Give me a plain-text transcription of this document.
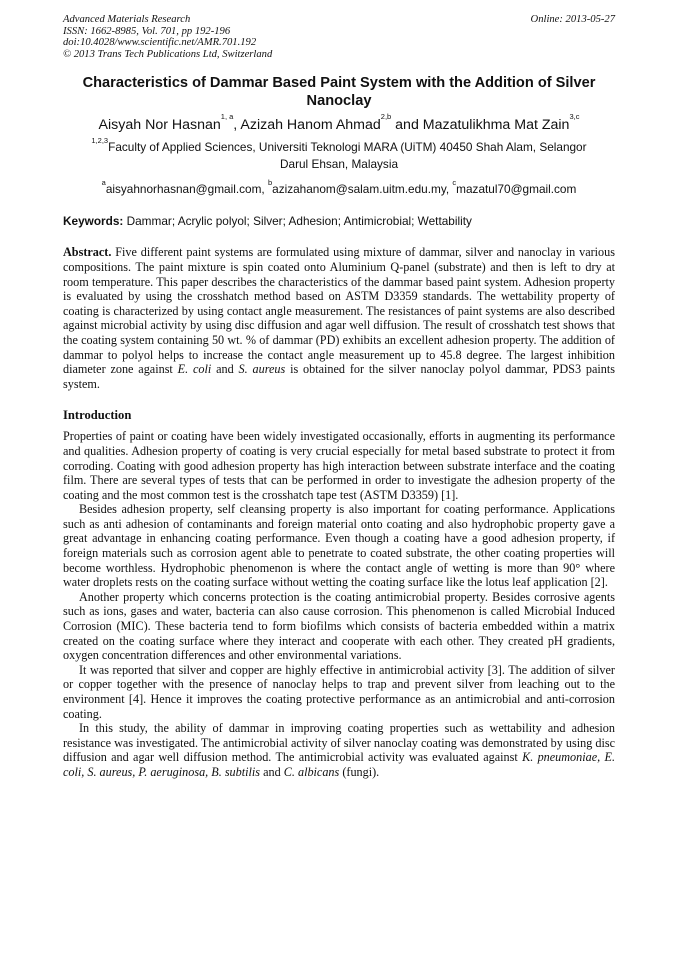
Advanced Materials Research
ISSN: 1662-8985, Vol. 701, pp 192-196
doi:10.4028/www.scientific.net/AMR.701.192
© 2013 Trans Tech Publications Ltd, Switzerland
Online: 2013-05-27
Characteristics of Dammar Based Paint System with the Addition of Silver Nanoclay
Aisyah Nor Hasnan$^{1, a}$, Azizah Hanom Ahmad$^{2,b}$ and Mazatulikhma Mat Zain$^{3,c}$
$^{1,2,3}$Faculty of Applied Sciences, Universiti Teknologi MARA (UiTM) 40450 Shah Alam, Selangor
Darul Ehsan, Malaysia
$^a$aisyahnorhasnan@gmail.com, $^b$azizahanom@salam.uitm.edu.my, $^c$mazatul70@gmail.com
Keywords: Dammar; Acrylic polyol; Silver; Adhesion; Antimicrobial; Wettability

Abstract. Five different paint systems are formulated using mixture of dammar, silver and nanoclay in various compositions. The paint mixture is spin coated onto Aluminium Q-panel (substrate) and then is left to dry at room temperature. This paper describes the characteristics of the dammar based paint system. Adhesion property is evaluated by using the crosshatch method based on ASTM D3359 standards. The wettability property of coating is characterized by using contact angle measurement. The resistances of paint systems are also described against microbial activity by using disc diffusion and agar well diffusion. The result of crosshatch test shows that the coating system containing 50 wt. % of dammar (PD) exhibits an excellent adhesion property. The addition of dammar to polyol helps to increase the contact angle measurement up to 45.8 degree. The largest inhibition diameter zone against E. coli and S. aureus is obtained for the silver nanoclay polyol dammar, PDS3 paints system.

Introduction

Properties of paint or coating have been widely investigated occasionally, efforts in augmenting its performance and qualities. Adhesion property of coating is very crucial especially for metal based substrate to protect it from corroding. Coating with good adhesion property has high interaction between substrate interface and the coating film. There are several types of tests that can be performed in order to investigate the adhesion property of the coating and the most common test is the crosshatch tape test (ASTM D3359) [1].

Besides adhesion property, self cleansing property is also important for coating performance. Applications such as anti adhesion of contaminants and foreign material onto coating and also hydrophobic property gave a great advantage in enhancing coating performance. Even though a coating have a good adhesion property, if foreign materials such as corrosion agent able to penetrate to coated substrate, the other coating properties will become worthless. Hydrophobic phenomenon is where the contact angle of wetting is more than 90° where water droplets rests on the coating surface without wetting the coating surface like the lotus leaf application [2].

Another property which concerns protection is the coating antimicrobial property. Besides corrosive agents such as ions, gases and water, bacteria can also cause corrosion. This phenomenon is called Microbial Induced Corrosion (MIC). These bacteria tend to form biofilms which consists of bacteria embedded within a matrix created on the coating surface where they interact and cooperate with each other. They created pH gradients, oxygen concentration differences and other environmental variations.

It was reported that silver and copper are highly effective in antimicrobial activity [3]. The addition of silver or copper together with the presence of nanoclay helps to trap and prevent silver from leaching out to the environment [4]. Hence it improves the coating protective performance as an antimicrobial and anti-corrosion coating.

In this study, the ability of dammar in improving coating properties such as wettability and adhesion resistance was investigated. The antimicrobial activity of silver nanoclay coating was demonstrated by using disc diffusion and agar well diffusion method. The antimicrobial activity was evaluated against K. pneumoniae, E. coli, S. aureus, P. aeruginosa, B. subtilis and C. albicans (fungi).
